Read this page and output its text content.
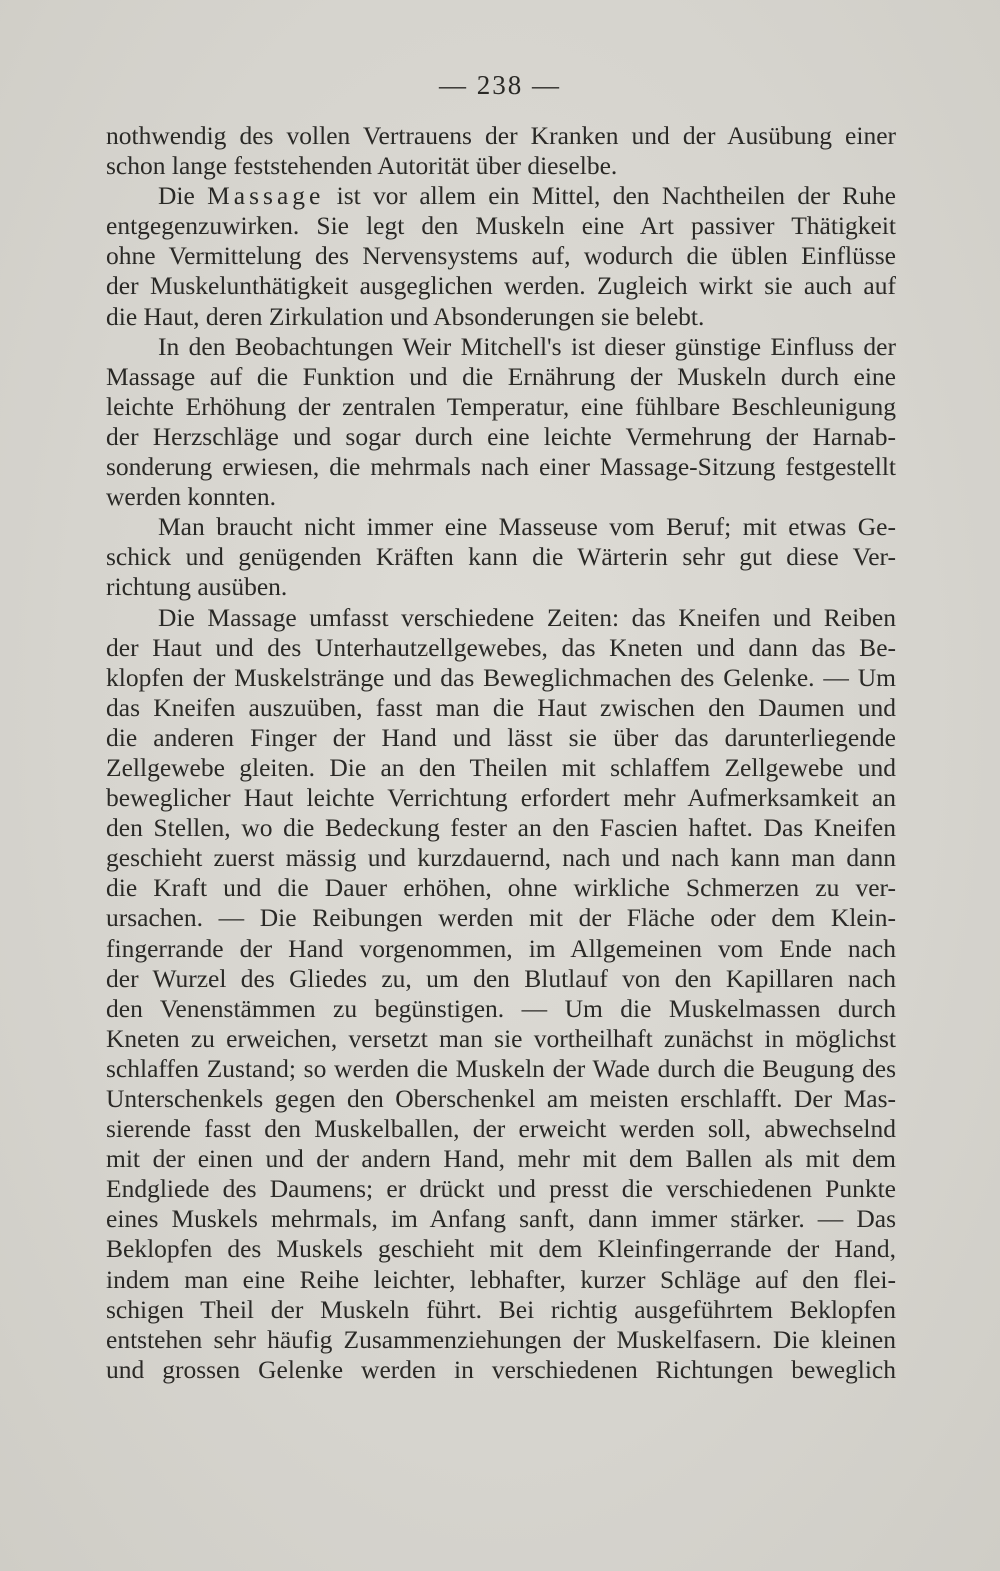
— 238 —
nothwendig des vollen Vertrauens der Kranken und der Ausübung einer
schon lange feststehenden Autorität über dieselbe.
Die Massage ist vor allem ein Mittel, den Nachtheilen der Ruhe
entgegenzuwirken. Sie legt den Muskeln eine Art passiver Thätigkeit
ohne Vermittelung des Nervensystems auf, wodurch die üblen Einflüsse
der Muskelunthätigkeit ausgeglichen werden. Zugleich wirkt sie auch auf
die Haut, deren Zirkulation und Absonderungen sie belebt.
In den Beobachtungen Weir Mitchell's ist dieser günstige Einfluss der
Massage auf die Funktion und die Ernährung der Muskeln durch eine
leichte Erhöhung der zentralen Temperatur, eine fühlbare Beschleunigung
der Herzschläge und sogar durch eine leichte Vermehrung der Harnab-
sonderung erwiesen, die mehrmals nach einer Massage-Sitzung festgestellt
werden konnten.
Man braucht nicht immer eine Masseuse vom Beruf; mit etwas Ge-
schick und genügenden Kräften kann die Wärterin sehr gut diese Ver-
richtung ausüben.
Die Massage umfasst verschiedene Zeiten: das Kneifen und Reiben
der Haut und des Unterhautzellgewebes, das Kneten und dann das Be-
klopfen der Muskelstränge und das Beweglichmachen des Gelenke. — Um
das Kneifen auszuüben, fasst man die Haut zwischen den Daumen und
die anderen Finger der Hand und lässt sie über das darunterliegende
Zellgewebe gleiten. Die an den Theilen mit schlaffem Zellgewebe und
beweglicher Haut leichte Verrichtung erfordert mehr Aufmerksamkeit an
den Stellen, wo die Bedeckung fester an den Fascien haftet. Das Kneifen
geschieht zuerst mässig und kurzdauernd, nach und nach kann man dann
die Kraft und die Dauer erhöhen, ohne wirkliche Schmerzen zu ver-
ursachen. — Die Reibungen werden mit der Fläche oder dem Klein-
fingerrande der Hand vorgenommen, im Allgemeinen vom Ende nach
der Wurzel des Gliedes zu, um den Blutlauf von den Kapillaren nach
den Venenstämmen zu begünstigen. — Um die Muskelmassen durch
Kneten zu erweichen, versetzt man sie vortheilhaft zunächst in möglichst
schlaffen Zustand; so werden die Muskeln der Wade durch die Beugung des
Unterschenkels gegen den Oberschenkel am meisten erschlafft. Der Mas-
sierende fasst den Muskelballen, der erweicht werden soll, abwechselnd
mit der einen und der andern Hand, mehr mit dem Ballen als mit dem
Endgliede des Daumens; er drückt und presst die verschiedenen Punkte
eines Muskels mehrmals, im Anfang sanft, dann immer stärker. — Das
Beklopfen des Muskels geschieht mit dem Kleinfingerrande der Hand,
indem man eine Reihe leichter, lebhafter, kurzer Schläge auf den flei-
schigen Theil der Muskeln führt. Bei richtig ausgeführtem Beklopfen
entstehen sehr häufig Zusammenziehungen der Muskelfasern. Die kleinen
und grossen Gelenke werden in verschiedenen Richtungen beweglich
